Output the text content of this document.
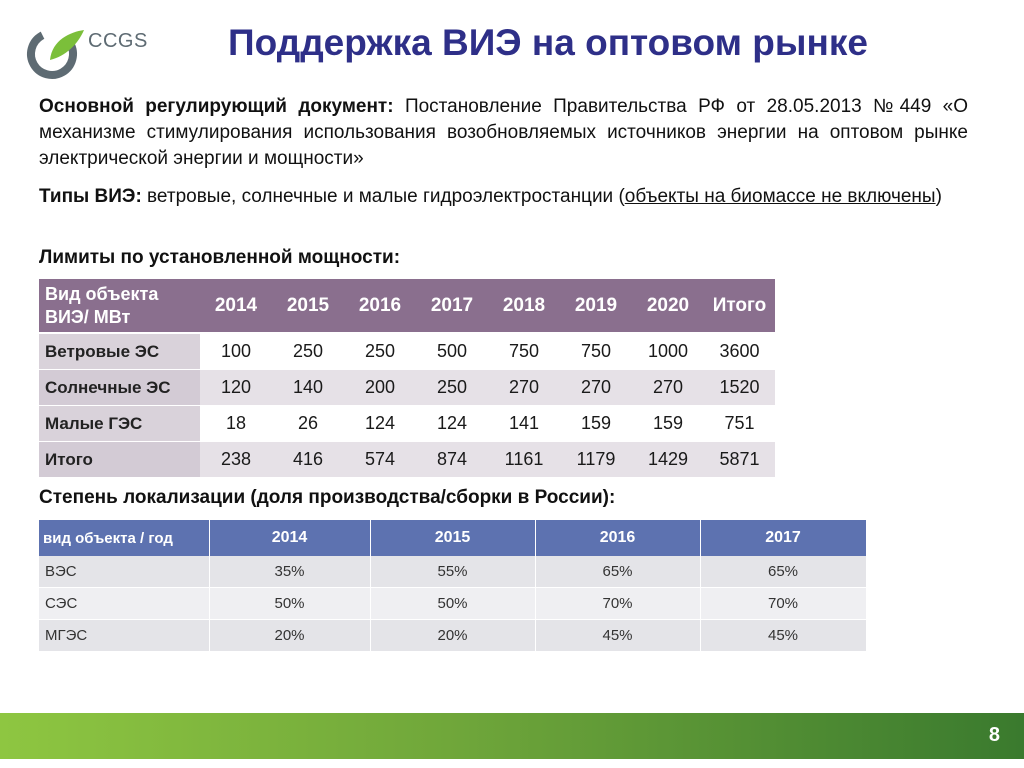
CCGS Поддержка ВИЭ на оптовом рынке
Основной регулирующий документ: Постановление Правительства РФ от 28.05.2013 №449 «О механизме стимулирования использования возобновляемых источников энергии на оптовом рынке электрической энергии и мощности»
Типы ВИЭ: ветровые, солнечные и малые гидроэлектростанции (объекты на биомассе не включены)
Лимиты по установленной мощности:
Вид объекта ВИЭ/ МВт	2014	2015	2016	2017	2018	2019	2020	Итого
Ветровые ЭС	100	250	250	500	750	750	1000	3600
Солнечные ЭС	120	140	200	250	270	270	270	1520
Малые ГЭС	18	26	124	124	141	159	159	751
Итого	238	416	574	874	1161	1179	1429	5871
Степень локализации (доля производства/сборки в России):
вид объекта / год	2014	2015	2016	2017
ВЭС	35%	55%	65%	65%
СЭС	50%	50%	70%	70%
МГЭС	20%	20%	45%	45%
8
